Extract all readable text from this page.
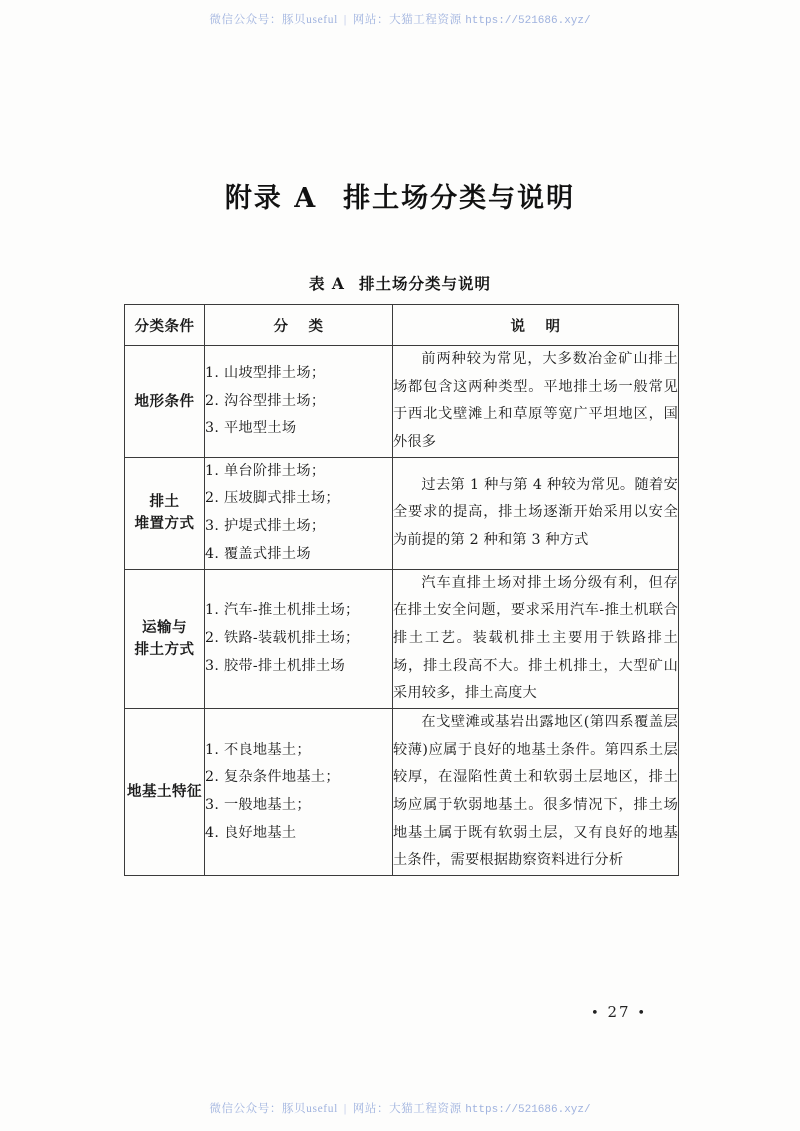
微信公众号：豚贝useful | 网站：大猫工程资源 https://521686.xyz/
附录 A 排土场分类与说明
表 A 排土场分类与说明
分类条件	分 类	说 明

地形条件	1. 山坡型排土场；
2. 沟谷型排土场；
3. 平地型土场	前两种较为常见，大多数冶金矿山排土场都包含这两种类型。平地排土场一般常见于西北戈壁滩上和草原等宽广平坦地区，国外很多

排土
堆置方式	1. 单台阶排土场；
2. 压坡脚式排土场；
3. 护堤式排土场；
4. 覆盖式排土场	过去第 1 种与第 4 种较为常见。随着安全要求的提高，排土场逐渐开始采用以安全为前提的第 2 种和第 3 种方式

运输与
排土方式	1. 汽车-推土机排土场；
2. 铁路-装载机排土场；
3. 胶带-排土机排土场	汽车直排土场对排土场分级有利，但存在排土安全问题，要求采用汽车-推土机联合排土工艺。装载机排土主要用于铁路排土场，排土段高不大。排土机排土，大型矿山采用较多，排土高度大

地基土特征	1. 不良地基土；
2. 复杂条件地基土；
3. 一般地基土；
4. 良好地基土	在戈壁滩或基岩出露地区(第四系覆盖层较薄)应属于良好的地基土条件。第四系土层较厚，在湿陷性黄土和软弱土层地区，排土场应属于软弱地基土。很多情况下，排土场地基土属于既有软弱土层，又有良好的地基土条件，需要根据勘察资料进行分析
• 27 •
微信公众号：豚贝useful | 网站：大猫工程资源 https://521686.xyz/
